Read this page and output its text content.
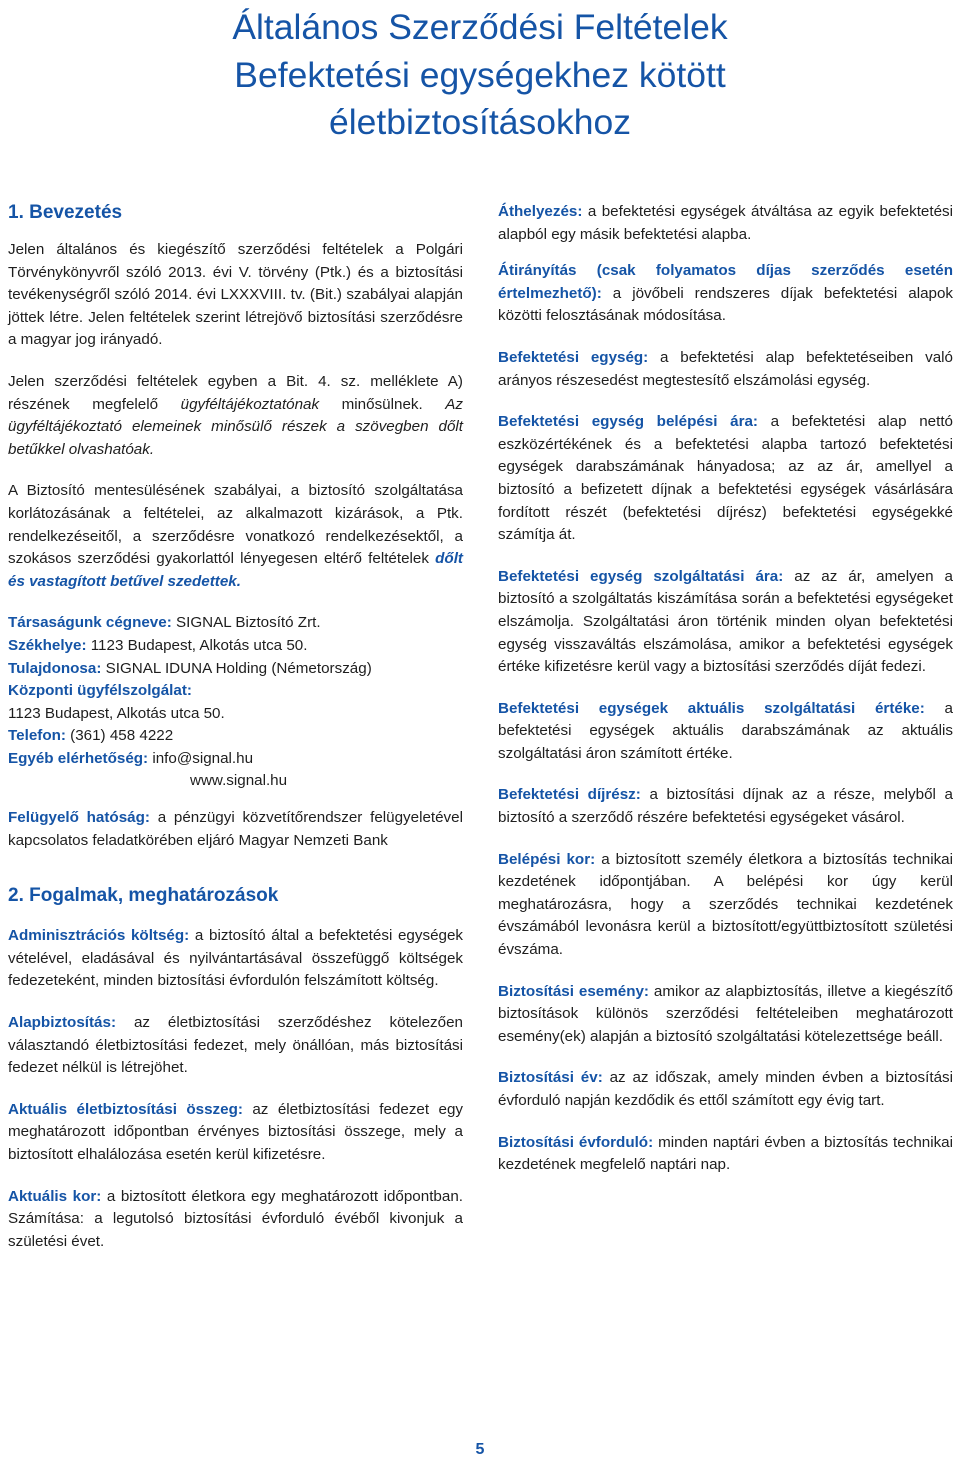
Általános Szerződési Feltételek
Befektetési egységekhez kötött
életbiztosításokhoz
1. Bevezetés

Jelen általános és kiegészítő szerződési feltételek a Polgári Törvénykönyvről szóló 2013. évi V. törvény (Ptk.) és a biztosítási tevékenységről szóló 2014. évi LXXXVIII. tv. (Bit.) szabályai alapján jöttek létre. Jelen feltételek szerint létrejövő biztosítási szerződésre a magyar jog irányadó.

Jelen szerződési feltételek egyben a Bit. 4. sz. melléklete A) részének megfelelő ügyféltájékoztatónak minősülnek. Az ügyféltájékoztató elemeinek minősülő részek a szövegben dőlt betűkkel olvashatóak.

A Biztosító mentesülésének szabályai, a biztosító szolgáltatása korlátozásának a feltételei, az alkalmazott kizárások, a Ptk. rendelkezéseitől, a szerződésre vonatkozó rendelkezésektől, a szokásos szerződési gyakorlattól lényegesen eltérő feltételek dőlt és vastagított betűvel szedettek.

Társaságunk cégneve: SIGNAL Biztosító Zrt.
Székhelye: 1123 Budapest, Alkotás utca 50.
Tulajdonosa: SIGNAL IDUNA Holding (Németország)
Központi ügyfélszolgálat:
1123 Budapest, Alkotás utca 50.
Telefon: (361) 458 4222
Egyéb elérhetőség: info@signal.hu
www.signal.hu

Felügyelő hatóság: a pénzügyi közvetítőrendszer felügyeletével kapcsolatos feladatkörében eljáró Magyar Nemzeti Bank

2. Fogalmak, meghatározások

Adminisztrációs költség: a biztosító által a befektetési egységek vételével, eladásával és nyilvántartásával összefüggő költségek fedezeteként, minden biztosítási évfordulón felszámított költség.

Alapbiztosítás: az életbiztosítási szerződéshez kötelezően választandó életbiztosítási fedezet, mely önállóan, más biztosítási fedezet nélkül is létrejöhet.

Aktuális életbiztosítási összeg: az életbiztosítási fedezet egy meghatározott időpontban érvényes biztosítási összege, mely a biztosított elhalálozása esetén kerül kifizetésre.

Aktuális kor: a biztosított életkora egy meghatározott időpontban. Számítása: a legutolsó biztosítási évforduló évéből kivonjuk a születési évet.

Áthelyezés: a befektetési egységek átváltása az egyik befektetési alapból egy másik befektetési alapba.

Átirányítás (csak folyamatos díjas szerződés esetén értelmezhető): a jövőbeli rendszeres díjak befektetési alapok közötti felosztásának módosítása.

Befektetési egység: a befektetési alap befektetéseiben való arányos részesedést megtestesítő elszámolási egység.

Befektetési egység belépési ára: a befektetési alap nettó eszközértékének és a befektetési alapba tartozó befektetési egységek darabszámának hányadosa; az az ár, amellyel a biztosító a befizetett díjnak a befektetési egységek vásárlására fordított részét (befektetési díjrész) befektetési egységekké számítja át.

Befektetési egység szolgáltatási ára: az az ár, amelyen a biztosító a szolgáltatás kiszámítása során a befektetési egységeket elszámolja. Szolgáltatási áron történik minden olyan befektetési egység visszaváltás elszámolása, amikor a befektetési egységek értéke kifizetésre kerül vagy a biztosítási szerződés díját fedezi.

Befektetési egységek aktuális szolgáltatási értéke: a befektetési egységek aktuális darabszámának az aktuális szolgáltatási áron számított értéke.

Befektetési díjrész: a biztosítási díjnak az a része, melyből a biztosító a szerződő részére befektetési egységeket vásárol.

Belépési kor: a biztosított személy életkora a biztosítás technikai kezdetének időpontjában. A belépési kor úgy kerül meghatározásra, hogy a szerződés technikai kezdetének évszámából levonásra kerül a biztosított/együttbiztosított születési évszáma.

Biztosítási esemény: amikor az alapbiztosítás, illetve a kiegészítő biztosítások különös szerződési feltételeiben meghatározott esemény(ek) alapján a biztosító szolgáltatási kötelezettsége beáll.

Biztosítási év: az az időszak, amely minden évben a biztosítási évforduló napján kezdődik és ettől számított egy évig tart.

Biztosítási évforduló: minden naptári évben a biztosítás technikai kezdetének megfelelő naptári nap.

5
